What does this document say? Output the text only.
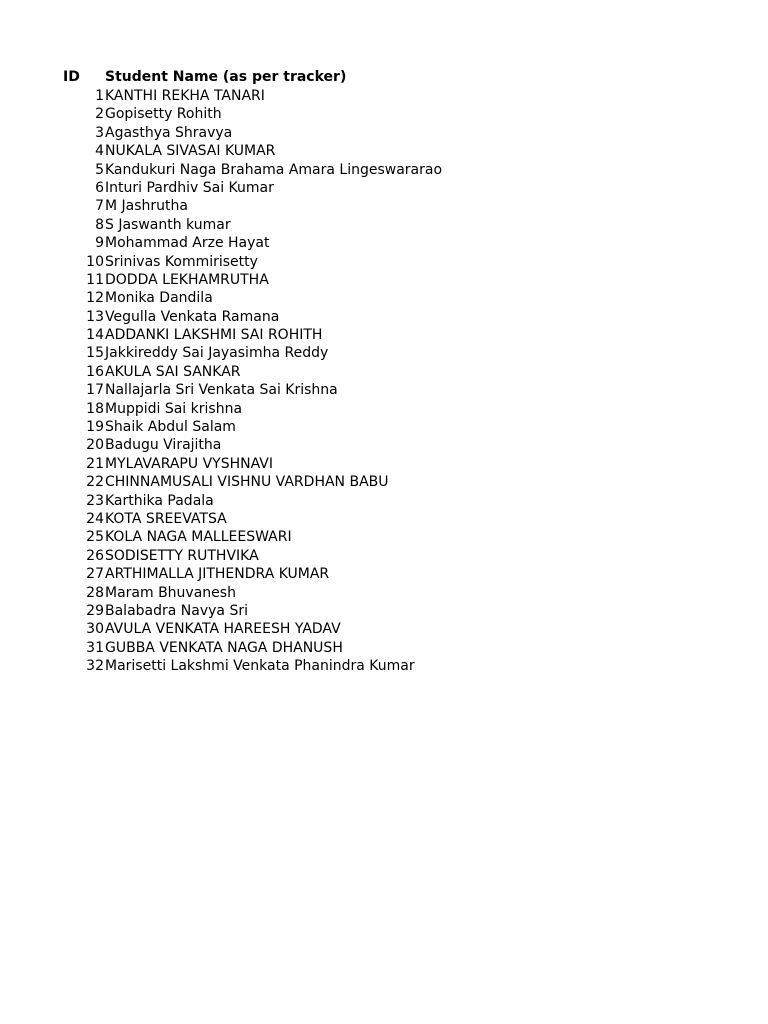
ID	Student Name (as per tracker)
1 KANTHI REKHA TANARI
2 Gopisetty Rohith
3 Agasthya Shravya
4 NUKALA SIVASAI KUMAR
5 Kandukuri Naga Brahama Amara Lingeswararao
6 Inturi Pardhiv Sai Kumar
7 M Jashrutha
8 S Jaswanth kumar
9 Mohammad Arze Hayat
10 Srinivas Kommirisetty
11 DODDA LEKHAMRUTHA
12 Monika Dandila
13 Vegulla Venkata Ramana
14 ADDANKI LAKSHMI SAI ROHITH
15 Jakkireddy Sai Jayasimha Reddy
16 AKULA SAI SANKAR
17 Nallajarla Sri Venkata Sai Krishna
18 Muppidi Sai krishna
19 Shaik Abdul Salam
20 Badugu Virajitha
21 MYLAVARAPU VYSHNAVI
22 CHINNAMUSALI VISHNU VARDHAN BABU
23 Karthika Padala
24 KOTA SREEVATSA
25 KOLA NAGA MALLEESWARI
26 SODISETTY RUTHVIKA
27 ARTHIMALLA JITHENDRA KUMAR
28 Maram Bhuvanesh
29 Balabadra Navya Sri
30 AVULA VENKATA HAREESH YADAV
31 GUBBA VENKATA NAGA DHANUSH
32 Marisetti Lakshmi Venkata Phanindra Kumar
